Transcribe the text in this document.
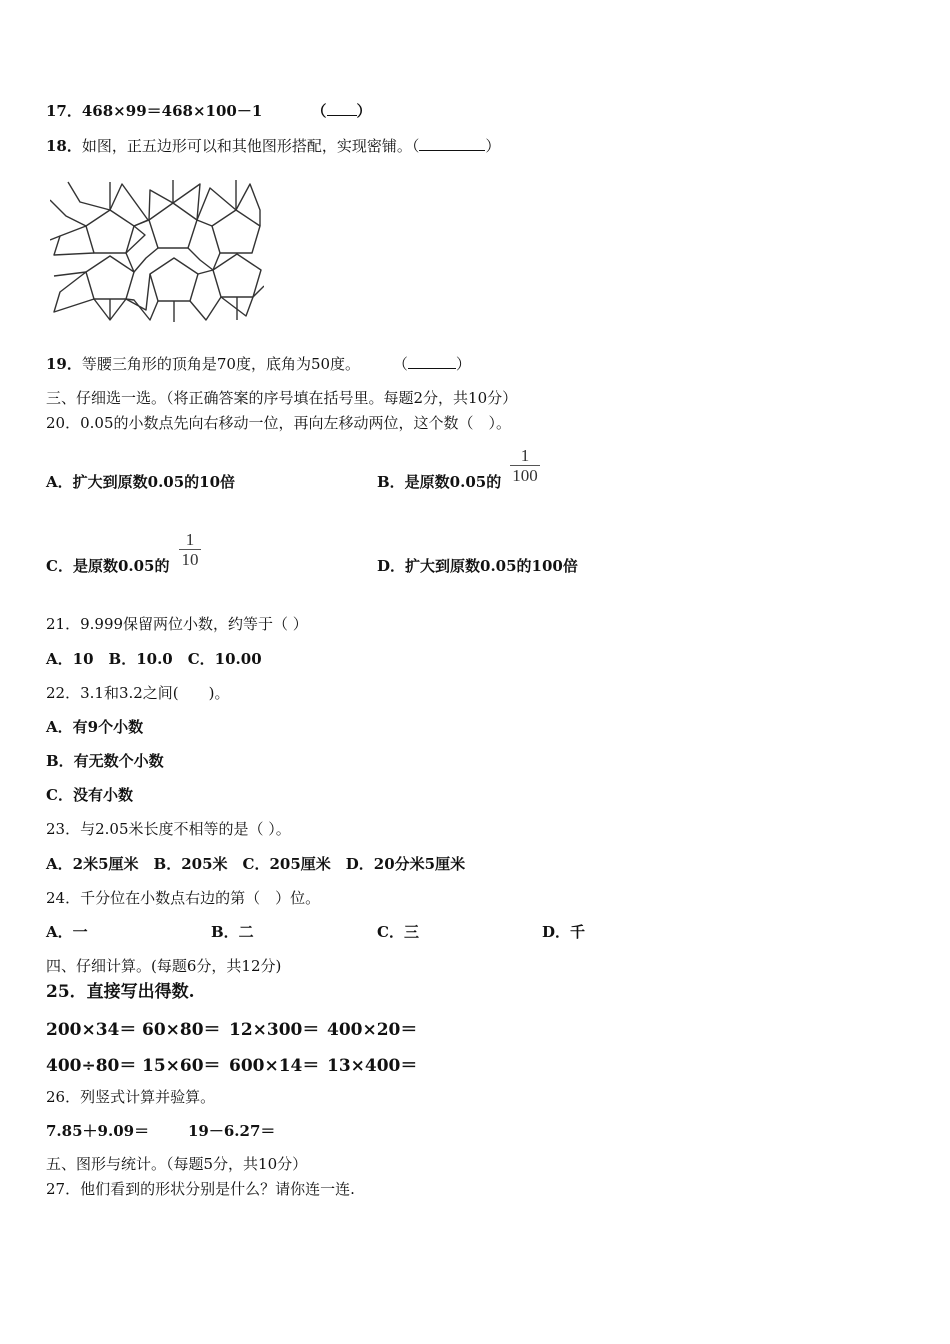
17．468×99＝468×100－1	（ ）
18．如图，正五边形可以和其他图形搭配，实现密铺。（	）
19．等腰三角形的顶角是70度，底角为50度。 （	）
三、仔细选一选。（将正确答案的序号填在括号里。每题2分，共10分）
20．0.05的小数点先向右移动一位，再向左移动两位，这个数（　）。
A．扩大到原数0.05的10倍	B．是原数0.05的
1
100
C．是原数0.05的
1
10	D．扩大到原数0.05的100倍
21．9.999保留两位小数，约等于（ ）
A．10　B．10.0　C．10.00
22．3.1和3.2之间(　　)。
A．有9个小数
B．有无数个小数
C．没有小数
23．与2.05米长度不相等的是（ ）。
A．2米5厘米　B．205米　C．205厘米　D．20分米5厘米
24．千分位在小数点右边的第（　）位。
A．一	B．二	C．三	D．千
四、仔细计算。(每题6分，共12分)
25．直接写出得数.
200×34＝ 60×80＝ 12×300＝ 400×20＝
400÷80＝ 15×60＝ 600×14＝ 13×400＝
26．列竖式计算并验算。
7.85＋9.09＝	19－6.27＝
五、图形与统计。（每题5分，共10分）
27．他们看到的形状分别是什么？请你连一连.
